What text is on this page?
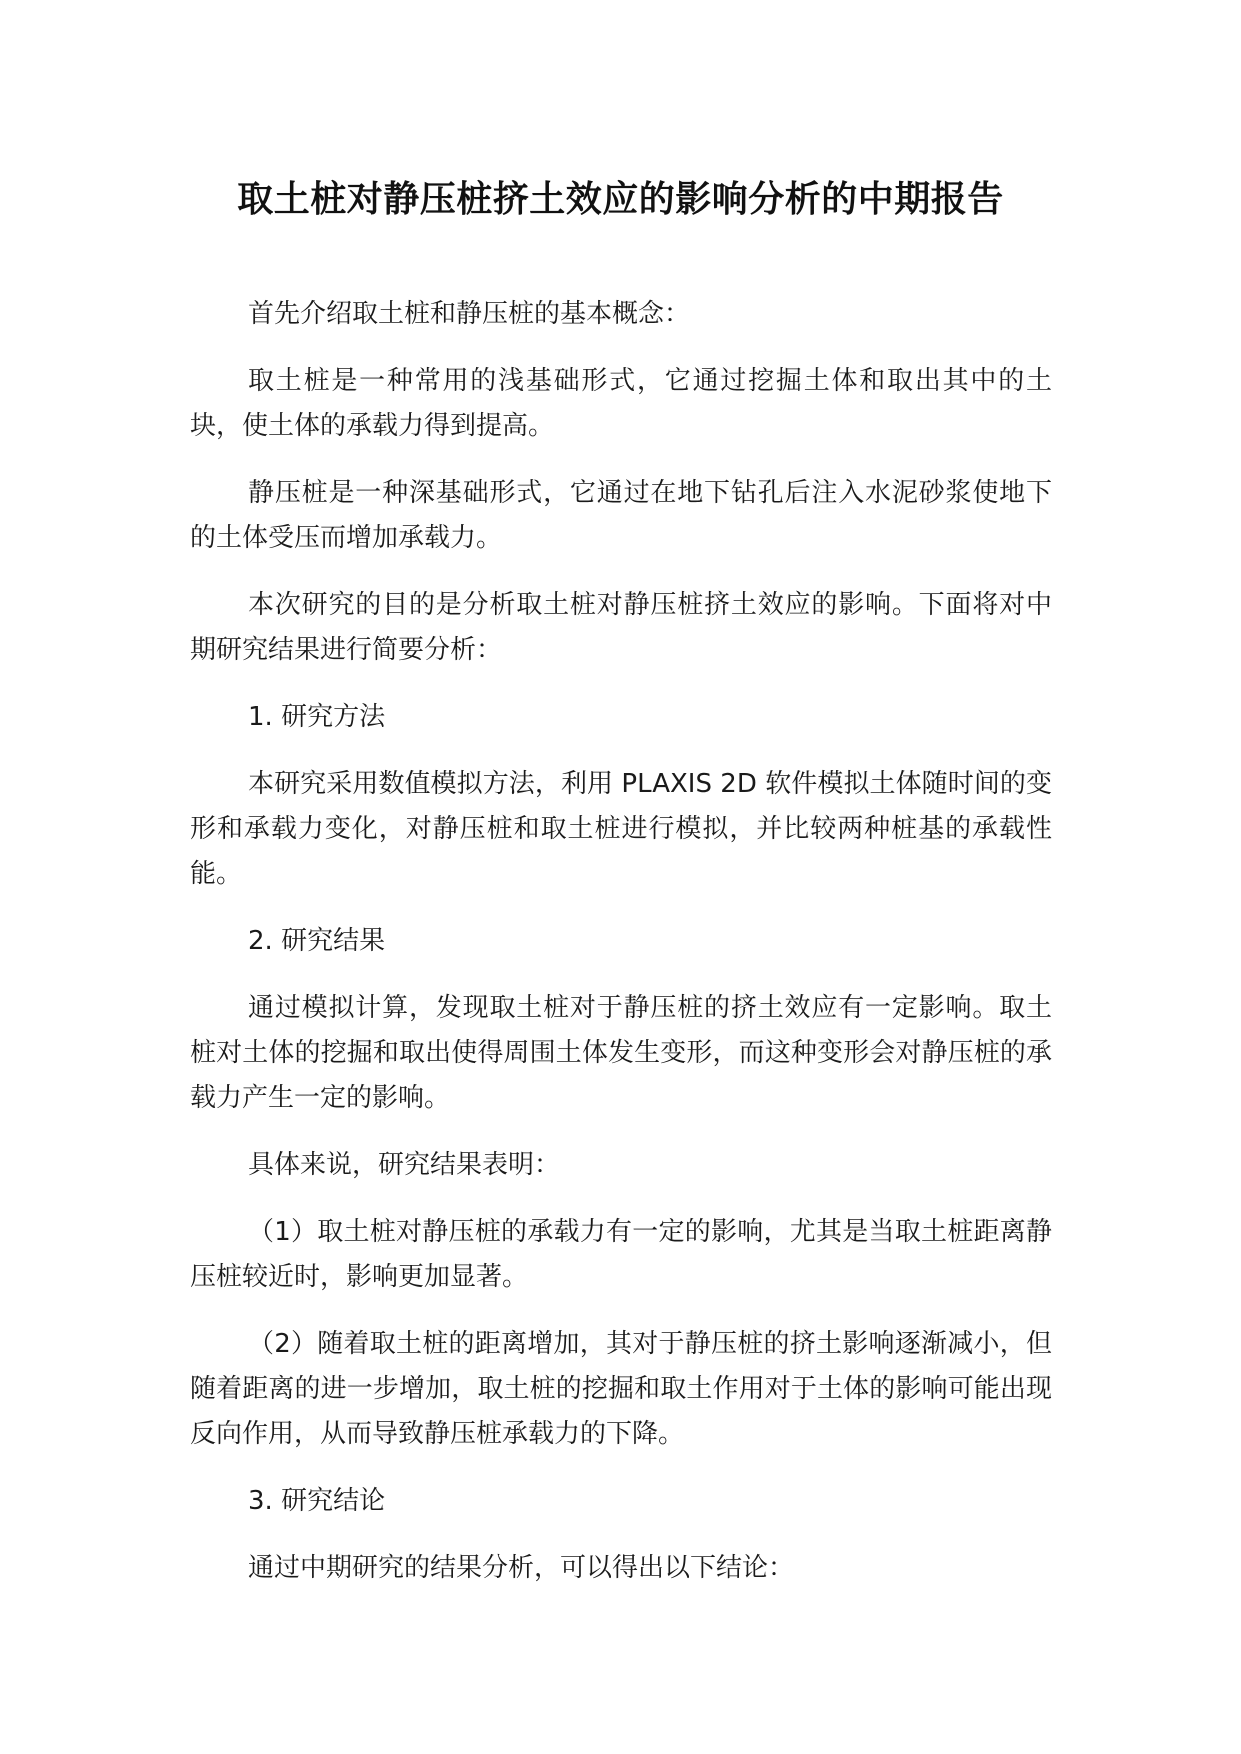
取土桩对静压桩挤土效应的影响分析的中期报告

首先介绍取土桩和静压桩的基本概念：

取土桩是一种常用的浅基础形式，它通过挖掘土体和取出其中的土块，使土体的承载力得到提高。

静压桩是一种深基础形式，它通过在地下钻孔后注入水泥砂浆使地下的土体受压而增加承载力。

本次研究的目的是分析取土桩对静压桩挤土效应的影响。下面将对中期研究结果进行简要分析：

1. 研究方法

本研究采用数值模拟方法，利用 PLAXIS 2D 软件模拟土体随时间的变形和承载力变化，对静压桩和取土桩进行模拟，并比较两种桩基的承载性能。

2. 研究结果

通过模拟计算，发现取土桩对于静压桩的挤土效应有一定影响。取土桩对土体的挖掘和取出使得周围土体发生变形，而这种变形会对静压桩的承载力产生一定的影响。

具体来说，研究结果表明：

（1）取土桩对静压桩的承载力有一定的影响，尤其是当取土桩距离静压桩较近时，影响更加显著。

（2）随着取土桩的距离增加，其对于静压桩的挤土影响逐渐减小，但随着距离的进一步增加，取土桩的挖掘和取土作用对于土体的影响可能出现反向作用，从而导致静压桩承载力的下降。

3. 研究结论

通过中期研究的结果分析，可以得出以下结论：
